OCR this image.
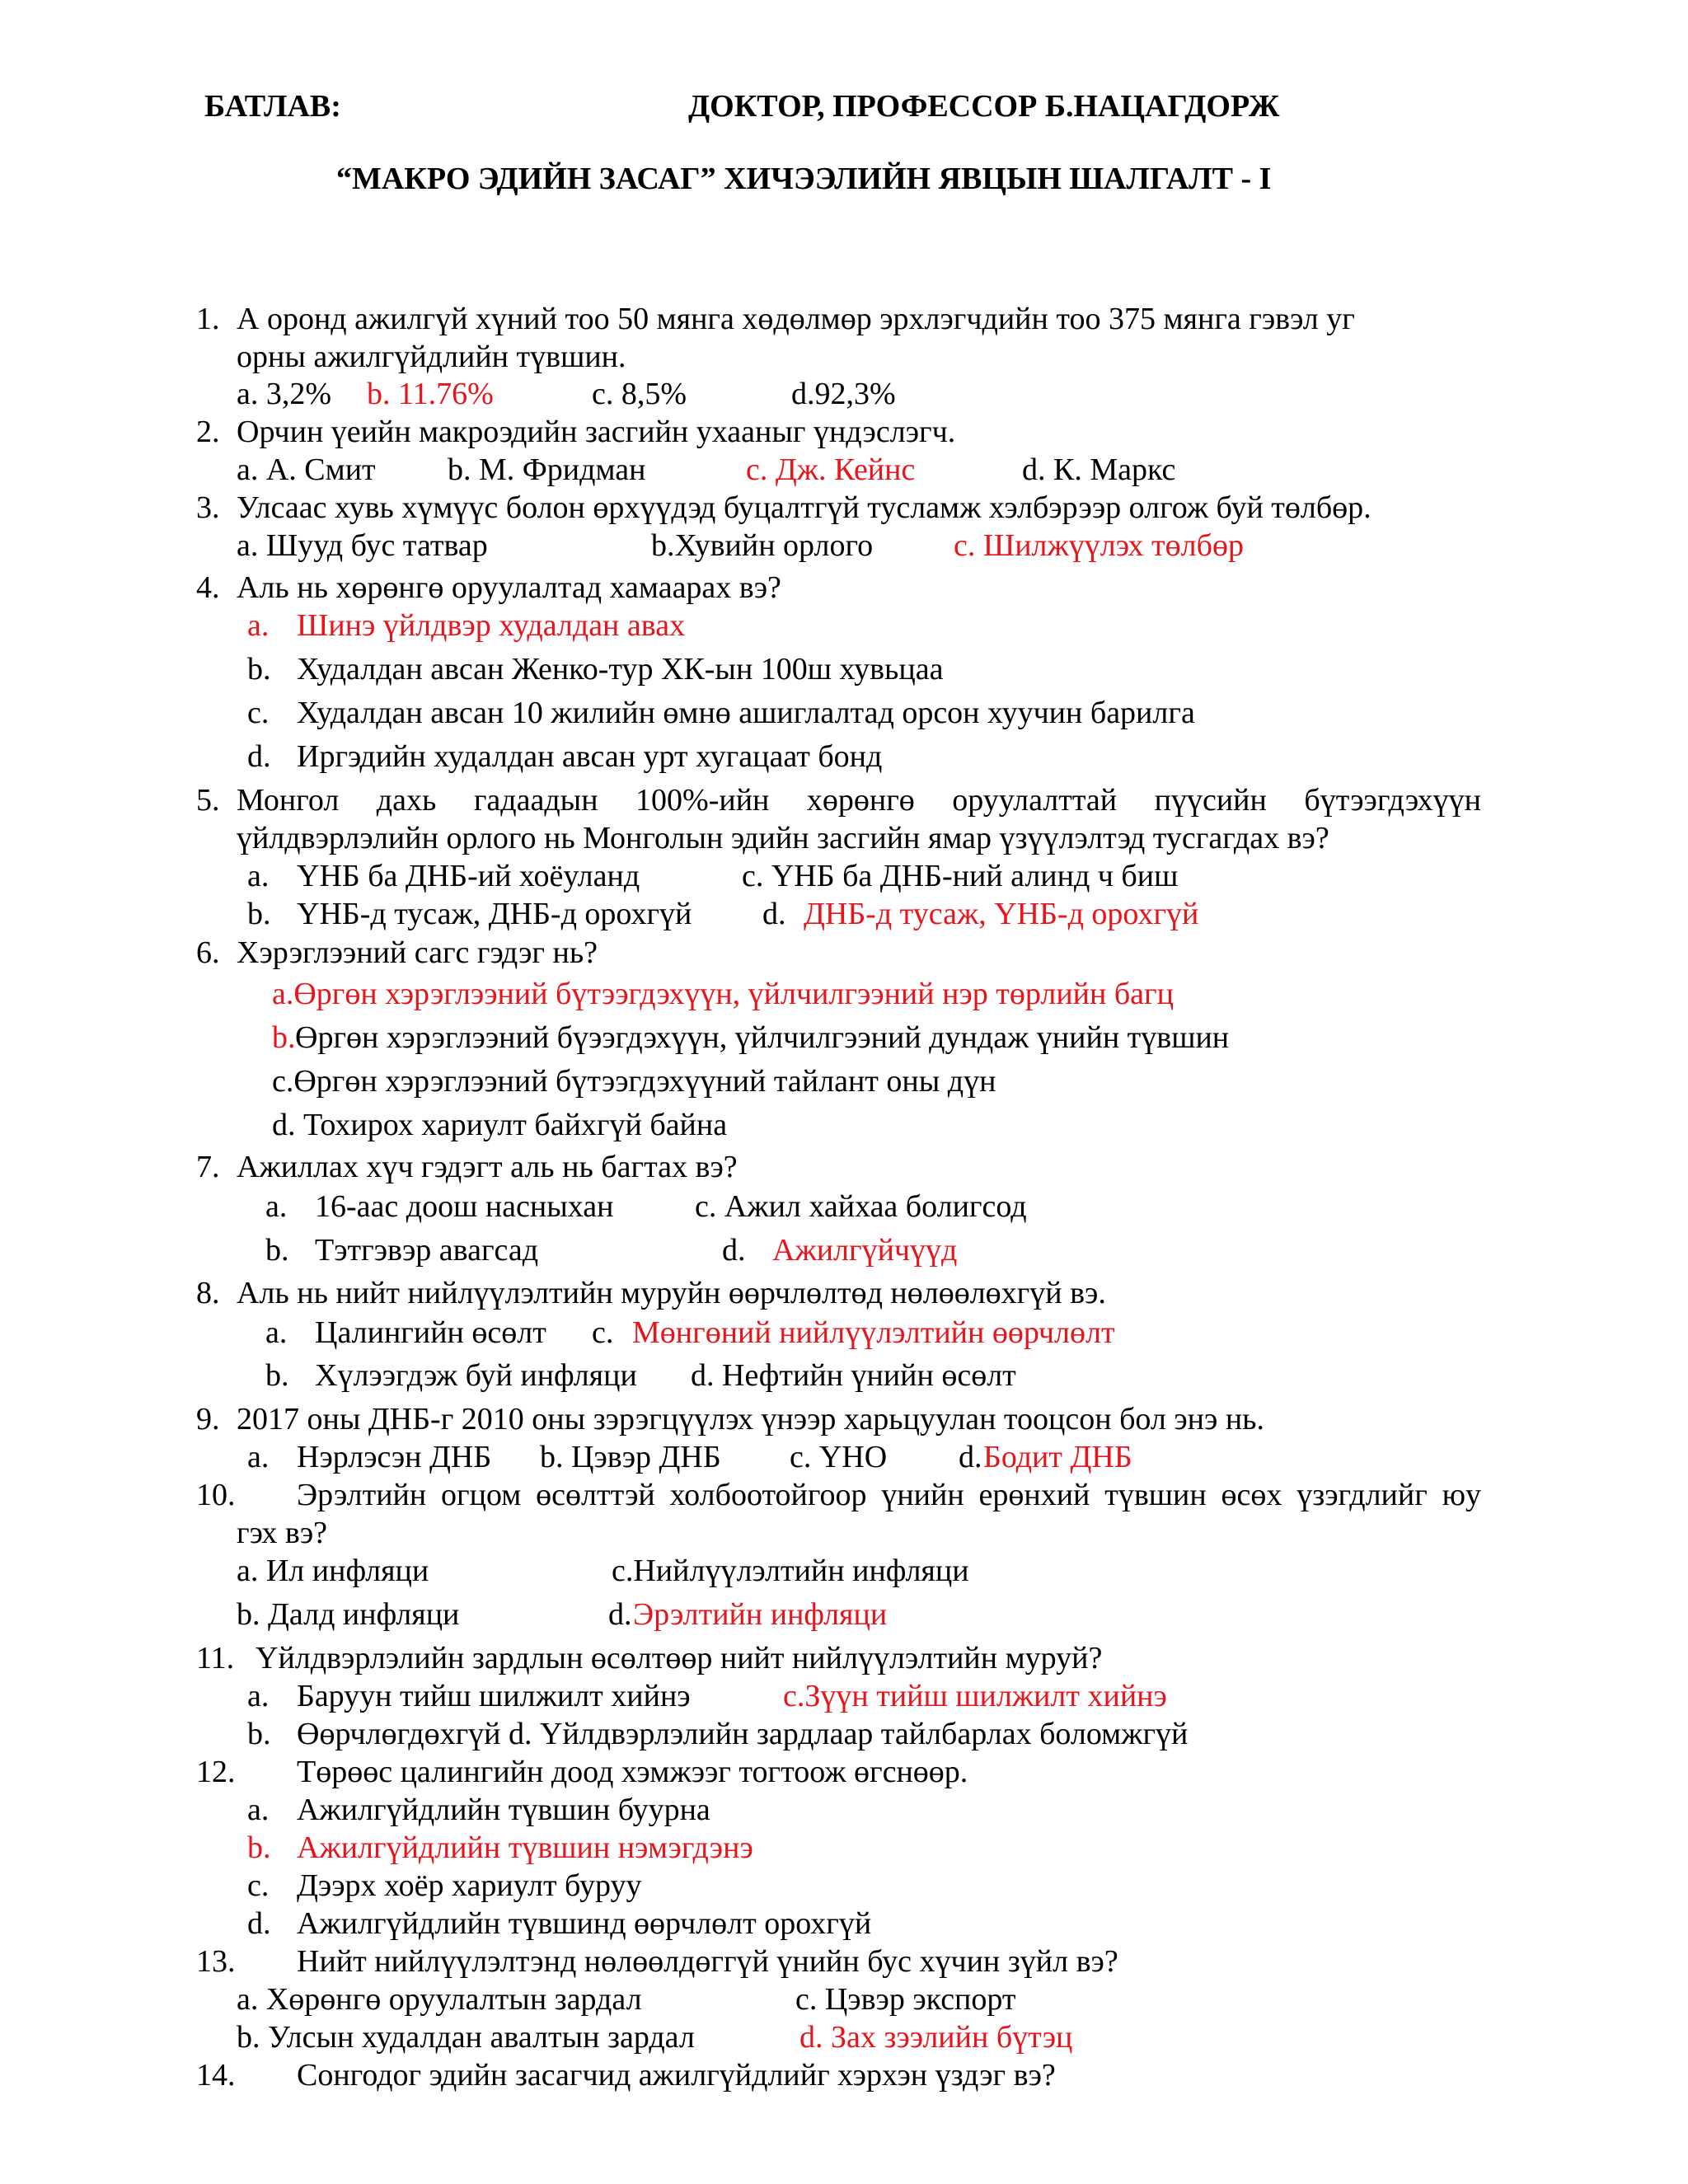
БАТЛАВ:	ДОКТОР, ПРОФЕССОР Б.НАЦАГДОРЖ
“МАКРО ЭДИЙН ЗАСАГ” ХИЧЭЭЛИЙН ЯВЦЫН ШАЛГАЛТ - I
1. А оронд ажилгүй хүний тоо 50 мянга хөдөлмөр эрхлэгчдийн тоо 375 мянга гэвэл уг
орны ажилгүйдлийн түвшин.
a. 3,2% b. 11.76%	c. 8,5%	d.92,3%
2. Орчин үеийн макроэдийн засгийн ухааныг үндэслэгч.
a. А. Смит b. М. Фридман	c. Дж. Кейнс	d. К. Маркс
3. Улсаас хувь хүмүүс болон өрхүүдэд буцалтгүй тусламж хэлбэрээр олгож буй төлбөр.
a. Шууд бус татвар	b.Хувийн орлого	c. Шилжүүлэх төлбөр
4. Аль нь хөрөнгө оруулалтад хамаарах вэ?
a. Шинэ үйлдвэр худалдан авах
b. Худалдан авсан Женко-тур ХК-ын 100ш хувьцаа
c. Худалдан авсан 10 жилийн өмнө ашиглалтад орсон хуучин барилга
d. Иргэдийн худалдан авсан урт хугацаат бонд
5. Монгол дахь гадаадын 100%-ийн хөрөнгө оруулалттай пүүсийн бүтээгдэхүүн
үйлдвэрлэлийн орлого нь Монголын эдийн засгийн ямар үзүүлэлтэд тусгагдах вэ?
a. ҮНБ ба ДНБ-ий хоёуланд	c. ҮНБ ба ДНБ-ний алинд ч биш
b. ҮНБ-д тусаж, ДНБ-д орохгүй d. ДНБ-д тусаж, ҮНБ-д орохгүй
6. Хэрэглээний сагс гэдэг нь?
a.Өргөн хэрэглээний бүтээгдэхүүн, үйлчилгээний нэр төрлийн багц
b. Өргөн хэрэглээний бүээгдэхүүн, үйлчилгээний дундаж үнийн түвшин
c.Өргөн хэрэглээний бүтээгдэхүүний тайлант оны дүн
d. Тохирох хариулт байхгүй байна
7. Ажиллах хүч гэдэгт аль нь багтах вэ?
a. 16-аас доош насныхан	c. Ажил хайхаа болигсод
b. Тэтгэвэр авагсад	d. Ажилгүйчүүд
8. Аль нь нийт нийлүүлэлтийн муруйн өөрчлөлтөд нөлөөлөхгүй вэ.
a. Цалингийн өсөлт c. Мөнгөний нийлүүлэлтийн өөрчлөлт
b. Хүлээгдэж буй инфляци d. Нефтийн үнийн өсөлт
9. 2017 оны ДНБ-г 2010 оны зэрэгцүүлэх үнээр харьцуулан тооцсон бол энэ нь.
a. Нэрлэсэн ДНБ b. Цэвэр ДНБ c. ҮНО d. Бодит ДНБ
10. Эрэлтийн огцом өсөлттэй холбоотойгоор үнийн ерөнхий түвшин өсөх үзэгдлийг юу
гэх вэ?
a. Ил инфляци	c.Нийлүүлэлтийн инфляци
b. Далд инфляци	d. Эрэлтийн инфляци
11. Үйлдвэрлэлийн зардлын өсөлтөөр нийт нийлүүлэлтийн муруй?
a. Баруун тийш шилжилт хийнэ	c.Зүүн тийш шилжилт хийнэ
b. Өөрчлөгдөхгүй d. Үйлдвэрлэлийн зардлаар тайлбарлах боломжгүй
12. Төрөөс цалингийн доод хэмжээг тогтоож өгснөөр.
a. Ажилгүйдлийн түвшин буурна
b. Ажилгүйдлийн түвшин нэмэгдэнэ
c. Дээрх хоёр хариулт буруу
d. Ажилгүйдлийн түвшинд өөрчлөлт орохгүй
13. Нийт нийлүүлэлтэнд нөлөөлдөггүй үнийн бус хүчин зүйл вэ?
a. Хөрөнгө оруулалтын зардал	c. Цэвэр экспорт
b. Улсын худалдан авалтын зардал	d. Зах зээлийн бүтэц
14. Сонгодог эдийн засагчид ажилгүйдлийг хэрхэн үздэг вэ?
